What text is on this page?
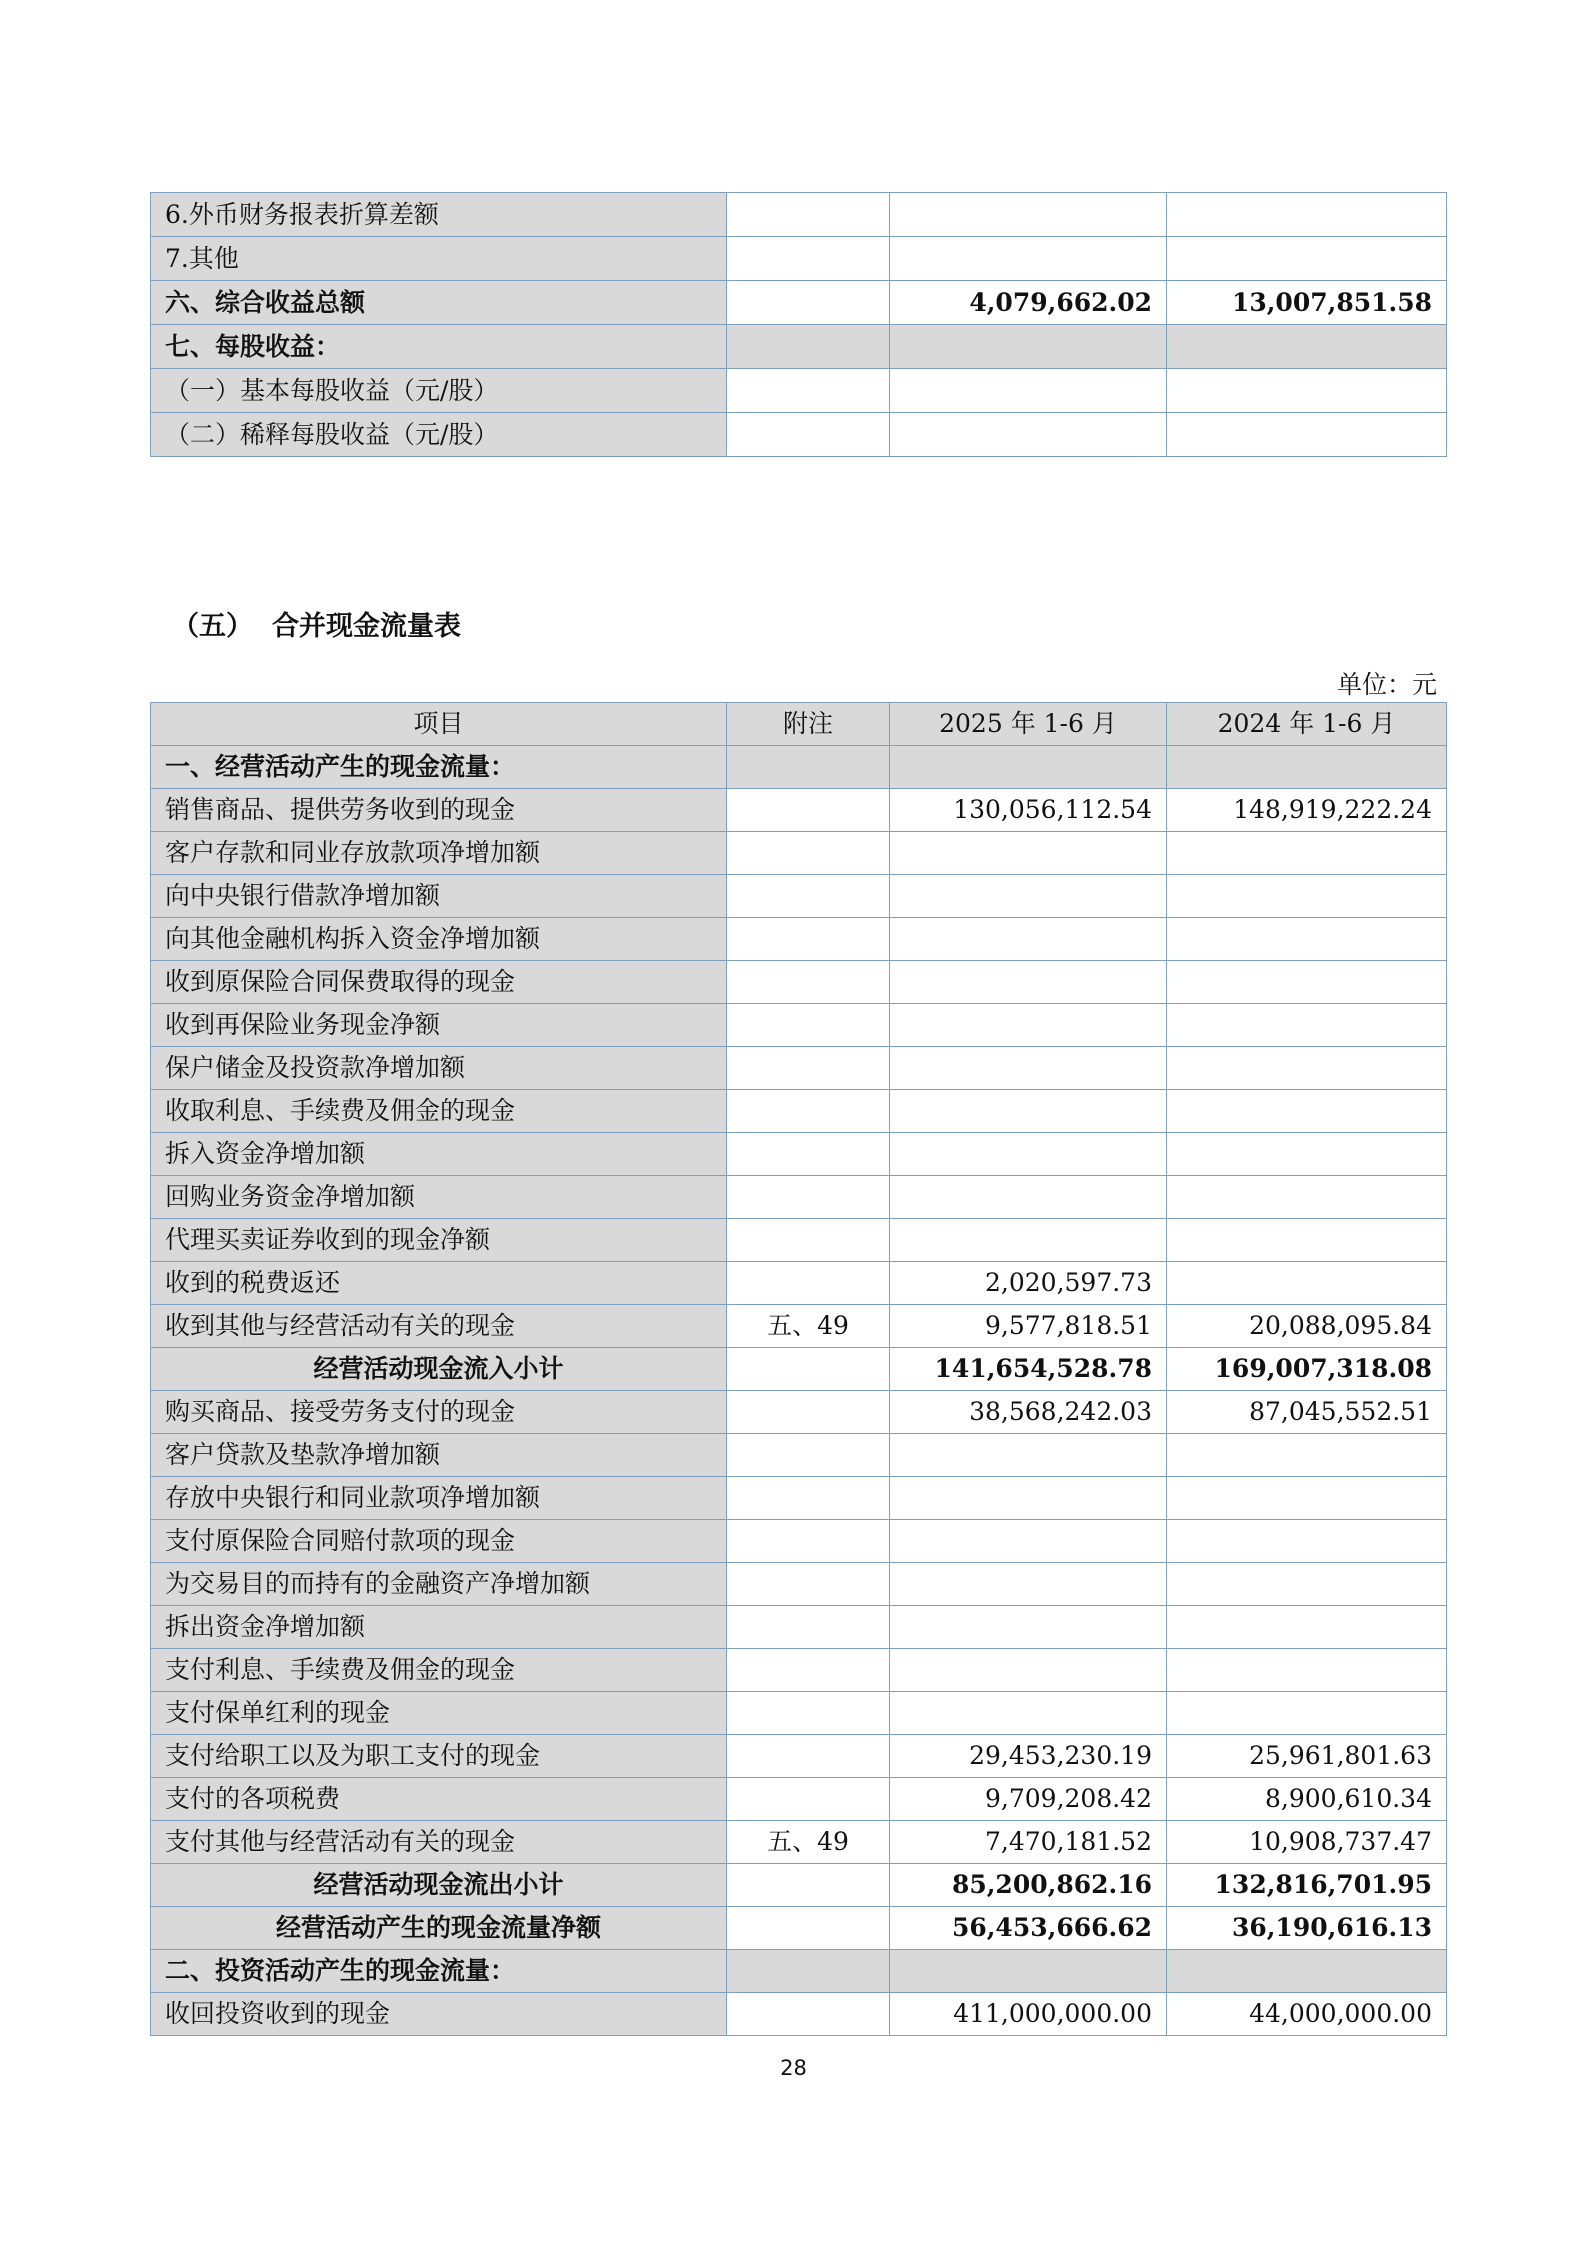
6.外币财务报表折算差额			
7.其他			
六、综合收益总额		4,079,662.02	13,007,851.58
七、每股收益：			
（一）基本每股收益（元/股）			
（二）稀释每股收益（元/股）			
（五） 合并现金流量表
单位：元
项目	附注	2025 年 1-6 月	2024 年 1-6 月
一、经营活动产生的现金流量：			
销售商品、提供劳务收到的现金		130,056,112.54	148,919,222.24
客户存款和同业存放款项净增加额			
向中央银行借款净增加额			
向其他金融机构拆入资金净增加额			
收到原保险合同保费取得的现金			
收到再保险业务现金净额			
保户储金及投资款净增加额			
收取利息、手续费及佣金的现金			
拆入资金净增加额			
回购业务资金净增加额			
代理买卖证券收到的现金净额			
收到的税费返还		2,020,597.73	
收到其他与经营活动有关的现金	五、49	9,577,818.51	20,088,095.84
经营活动现金流入小计		141,654,528.78	169,007,318.08
购买商品、接受劳务支付的现金		38,568,242.03	87,045,552.51
客户贷款及垫款净增加额			
存放中央银行和同业款项净增加额			
支付原保险合同赔付款项的现金			
为交易目的而持有的金融资产净增加额			
拆出资金净增加额			
支付利息、手续费及佣金的现金			
支付保单红利的现金			
支付给职工以及为职工支付的现金		29,453,230.19	25,961,801.63
支付的各项税费		9,709,208.42	8,900,610.34
支付其他与经营活动有关的现金	五、49	7,470,181.52	10,908,737.47
经营活动现金流出小计		85,200,862.16	132,816,701.95
经营活动产生的现金流量净额		56,453,666.62	36,190,616.13
二、投资活动产生的现金流量：			
收回投资收到的现金		411,000,000.00	44,000,000.00
28
